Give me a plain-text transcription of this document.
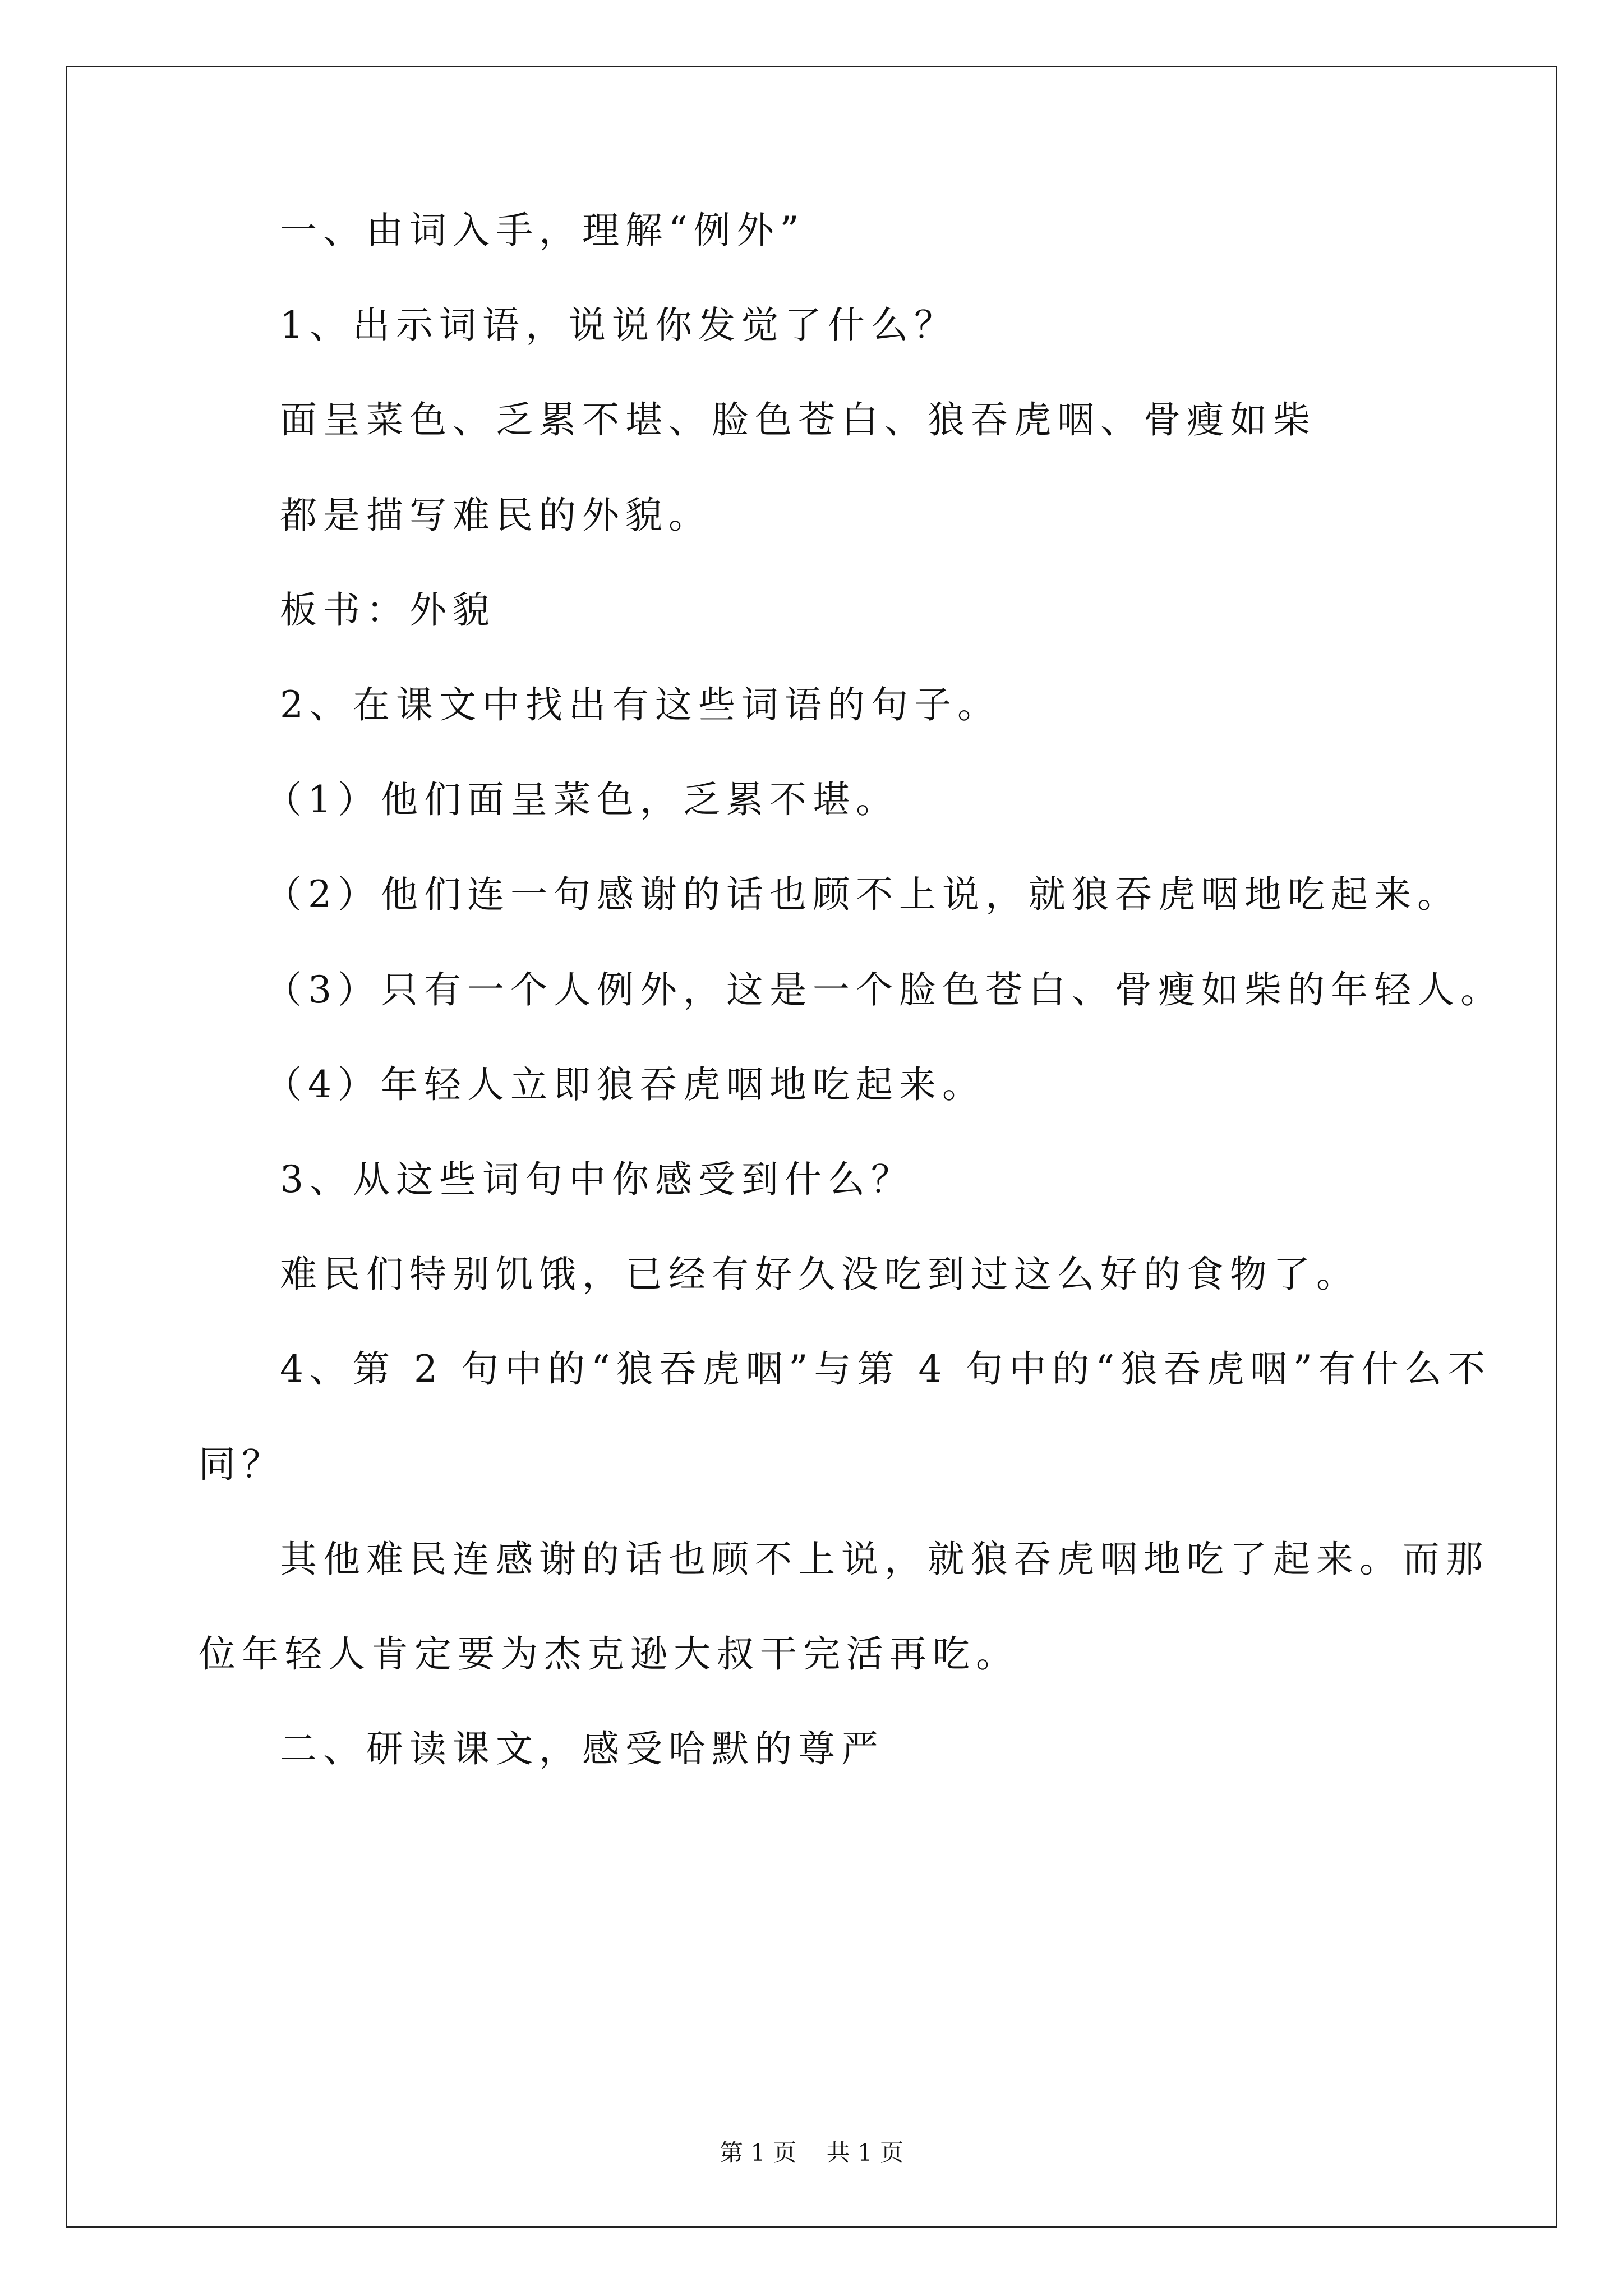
一、由词入手，理解“例外”
1、出示词语，说说你发觉了什么？
面呈菜色、乏累不堪、脸色苍白、狼吞虎咽、骨瘦如柴
都是描写难民的外貌。
板书：外貌
2、在课文中找出有这些词语的句子。
（1）他们面呈菜色，乏累不堪。
（2）他们连一句感谢的话也顾不上说，就狼吞虎咽地吃起来。
（3）只有一个人例外，这是一个脸色苍白、骨瘦如柴的年轻人。
（4）年轻人立即狼吞虎咽地吃起来。
3、从这些词句中你感受到什么？
难民们特别饥饿，已经有好久没吃到过这么好的食物了。
4、第 2 句中的“狼吞虎咽”与第 4 句中的“狼吞虎咽”有什么不
同？
其他难民连感谢的话也顾不上说，就狼吞虎咽地吃了起来。而那
位年轻人肯定要为杰克逊大叔干完活再吃。
二、研读课文，感受哈默的尊严
第 1 页 共 1 页
